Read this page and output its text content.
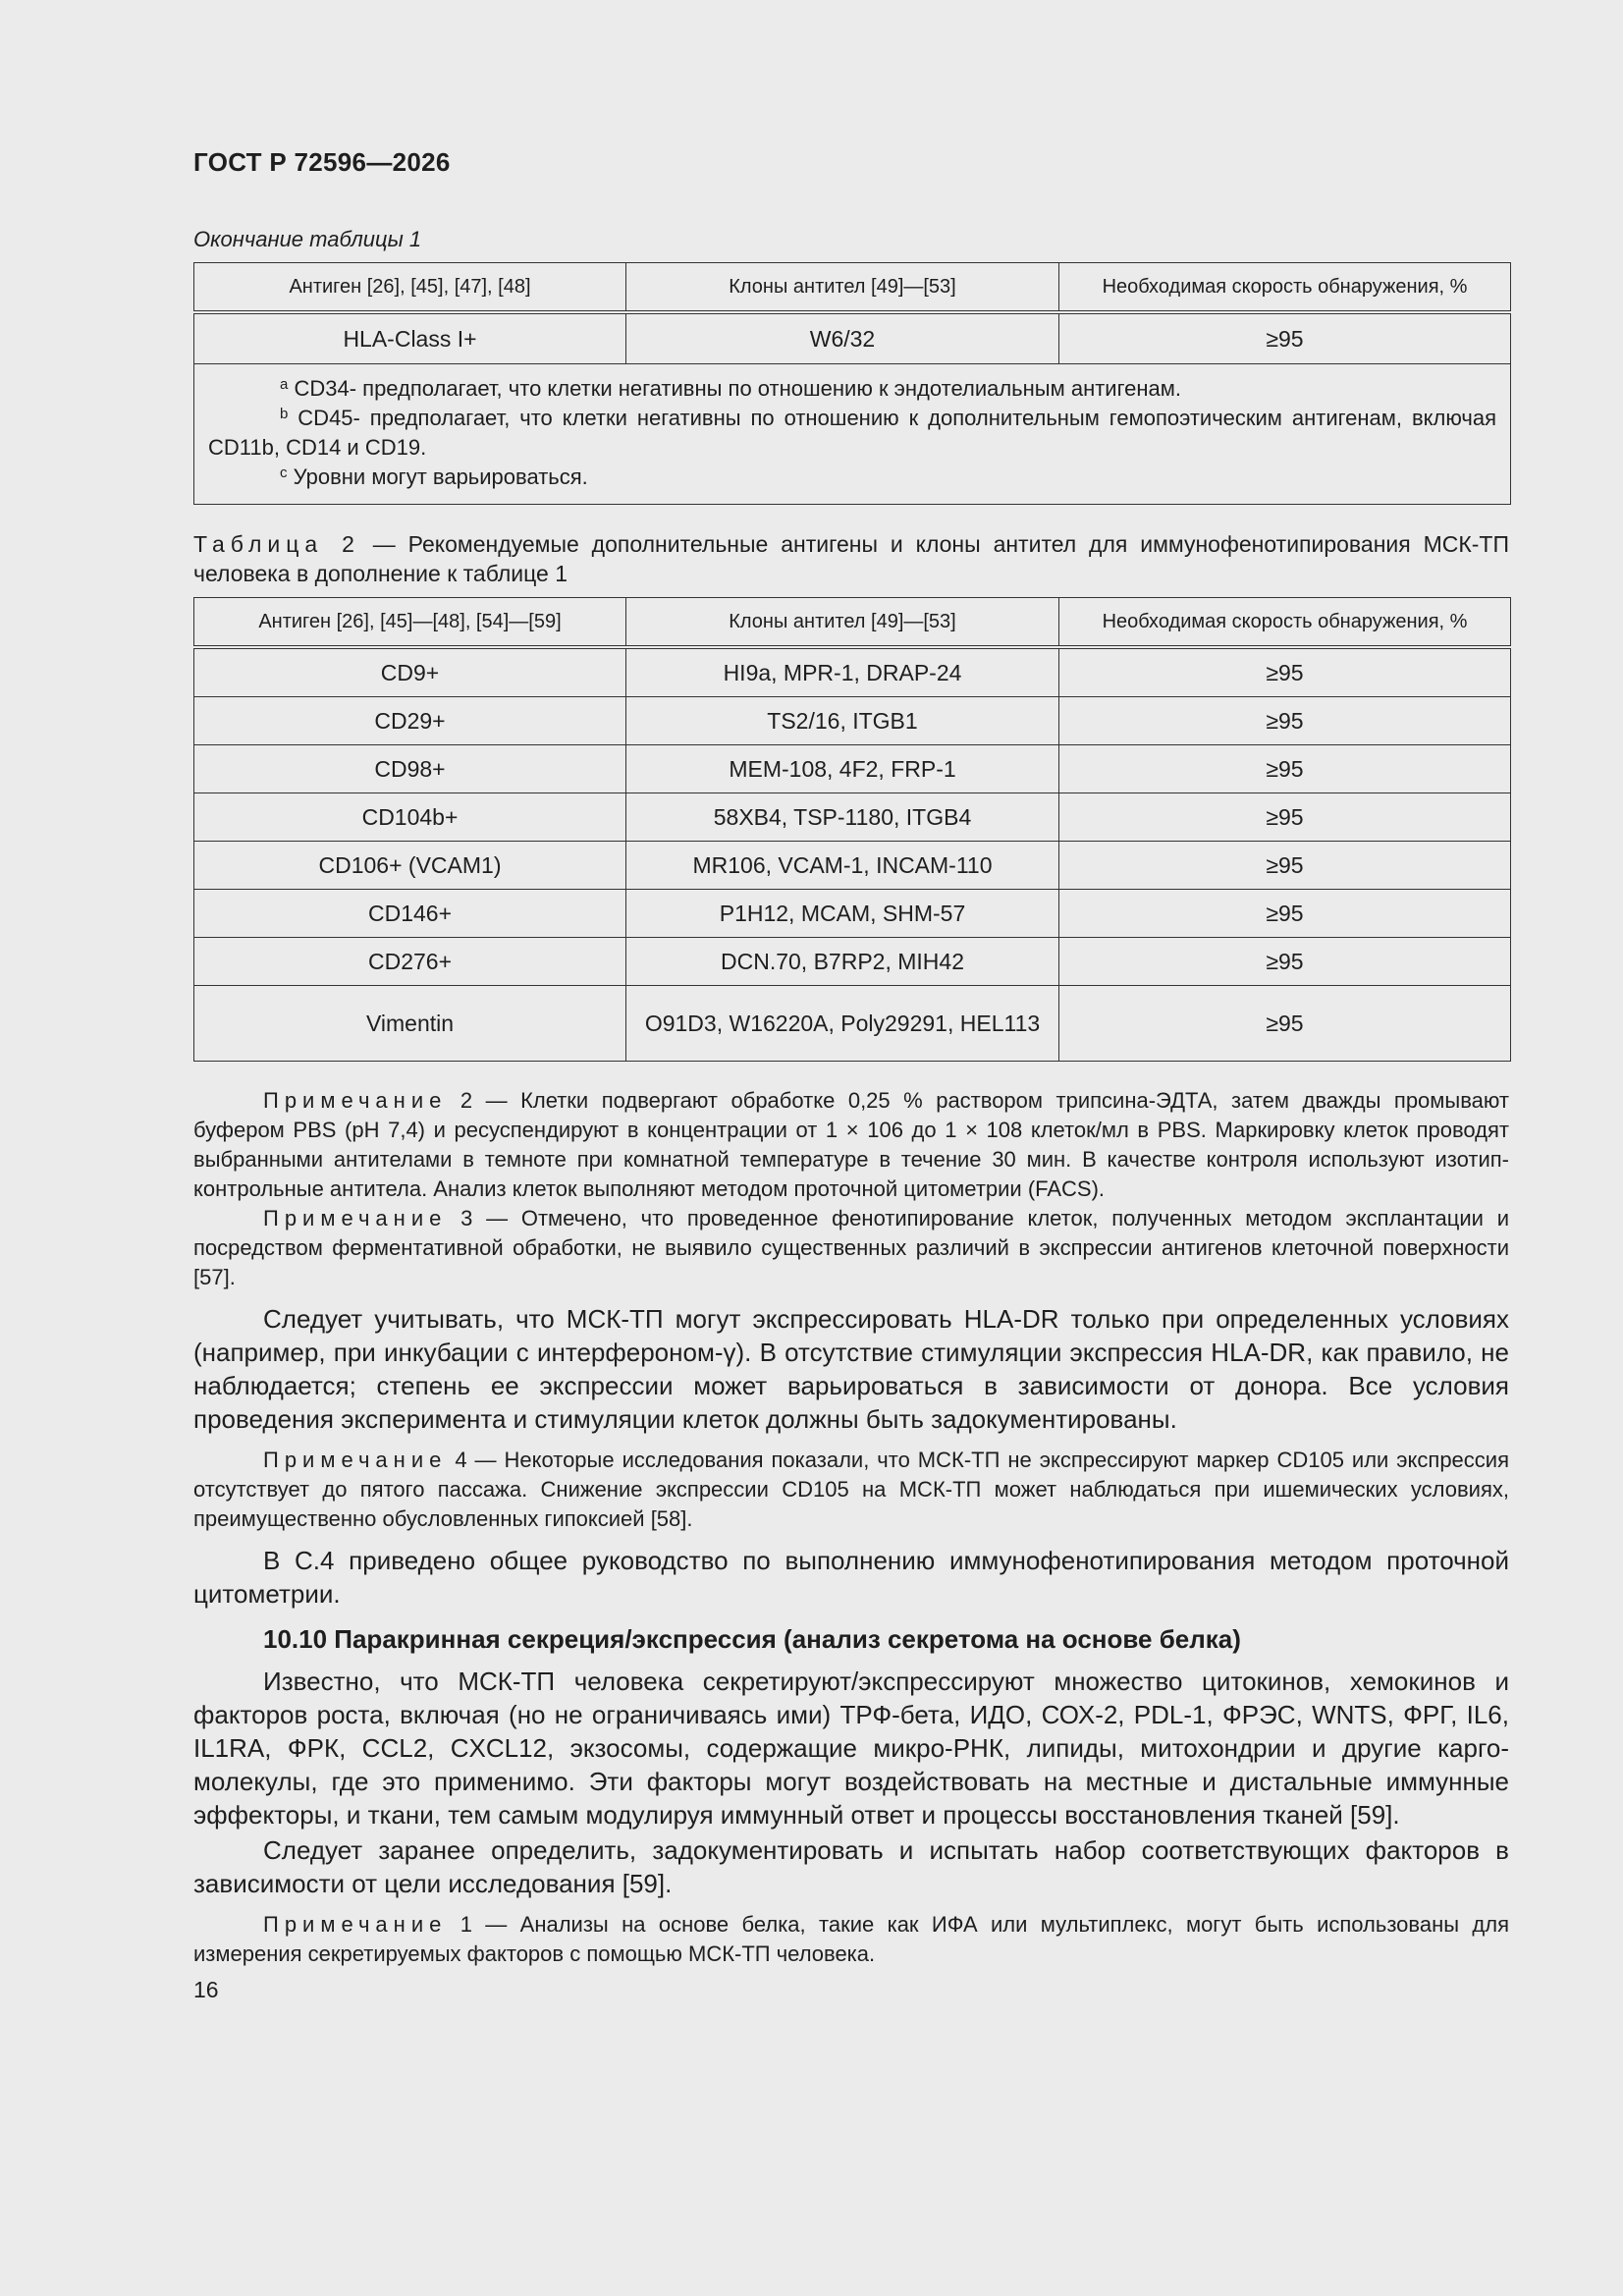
ГОСТ Р 72596—2026
Окончание таблицы 1
Антиген [26], [45], [47], [48]	Клоны антител [49]—[53]	Необходимая скорость обнаружения, %
HLA-Class I+	W6/32	≥95

$^a$ CD34- предполагает, что клетки негативны по отношению к эндотелиальным антигенам.
$^b$ CD45- предполагает, что клетки негативны по отношению к дополнительным гемопоэтическим антигенам, включая CD11b, CD14 и CD19.
$^c$ Уровни могут варьироваться.		
Таблица 2 — Рекомендуемые дополнительные антигены и клоны антител для иммунофенотипирования МСК-ТП человека в дополнение к таблице 1
Антиген [26], [45]—[48], [54]—[59]	Клоны антител [49]—[53]	Необходимая скорость обнаружения, %
CD9+	HI9a, MPR-1, DRAP-24	≥95
CD29+	TS2/16, ITGB1	≥95
CD98+	MEM-108, 4F2, FRP-1	≥95
CD104b+	58XB4, TSP-1180, ITGB4	≥95
CD106+ (VCAM1)	MR106, VCAM-1, INCAM-110	≥95
CD146+	P1H12, MCAM, SHM-57	≥95
CD276+	DCN.70, B7RP2, MIH42	≥95
Vimentin	O91D3, W16220A, Poly29291, HEL113	≥95

Примечание 2 — Клетки подвергают обработке 0,25 % раствором трипсина-ЭДТА, затем дважды промывают буфером PBS (pH 7,4) и ресуспендируют в концентрации от 1 × 106 до 1 × 108 клеток/мл в PBS. Маркировку клеток проводят выбранными антителами в темноте при комнатной температуре в течение 30 мин. В качестве контроля используют изотип-контрольные антитела. Анализ клеток выполняют методом проточной цитометрии (FACS).

Примечание 3 — Отмечено, что проведенное фенотипирование клеток, полученных методом эксплантации и посредством ферментативной обработки, не выявило существенных различий в экспрессии антигенов клеточной поверхности [57].

Следует учитывать, что МСК-ТП могут экспрессировать HLA-DR только при определенных условиях (например, при инкубации с интерфероном-γ). В отсутствие стимуляции экспрессия HLA-DR, как правило, не наблюдается; степень ее экспрессии может варьироваться в зависимости от донора. Все условия проведения эксперимента и стимуляции клеток должны быть задокументированы.

Примечание 4 — Некоторые исследования показали, что МСК-ТП не экспрессируют маркер CD105 или экспрессия отсутствует до пятого пассажа. Снижение экспрессии CD105 на МСК-ТП может наблюдаться при ишемических условиях, преимущественно обусловленных гипоксией [58].

В С.4 приведено общее руководство по выполнению иммунофенотипирования методом проточной цитометрии.

10.10 Паракринная секреция/экспрессия (анализ секретома на основе белка)

Известно, что МСК-ТП человека секретируют/экспрессируют множество цитокинов, хемокинов и факторов роста, включая (но не ограничиваясь ими) ТРФ-бета, ИДО, СОХ-2, PDL-1, ФРЭС, WNTS, ФРГ, IL6, IL1RA, ФРК, CCL2, CXCL12, экзосомы, содержащие микро-РНК, липиды, митохондрии и другие карго-молекулы, где это применимо. Эти факторы могут воздействовать на местные и дистальные иммунные эффекторы, и ткани, тем самым модулируя иммунный ответ и процессы восстановления тканей [59].

Следует заранее определить, задокументировать и испытать набор соответствующих факторов в зависимости от цели исследования [59].

Примечание 1 — Анализы на основе белка, такие как ИФА или мультиплекс, могут быть использованы для измерения секретируемых факторов с помощью МСК-ТП человека.

16
